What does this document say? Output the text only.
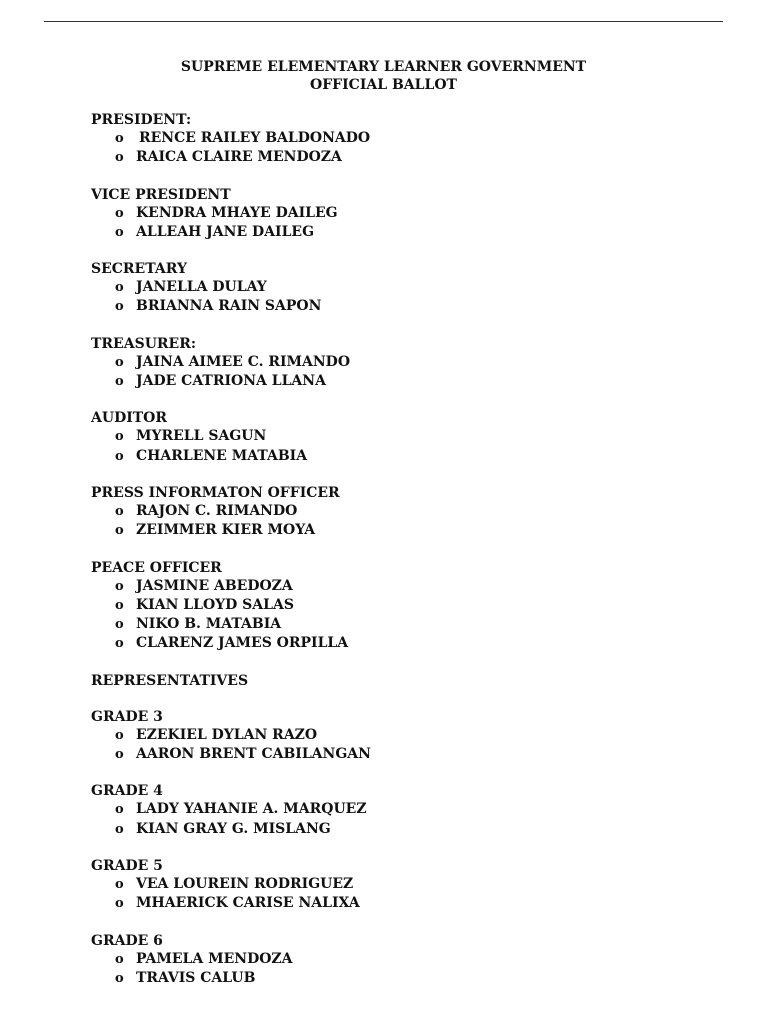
SUPREME ELEMENTARY LEARNER GOVERNMENT
OFFICIAL BALLOT
PRESIDENT:
o	RENCE RAILEY BALDONADO
o RAICA CLAIRE MENDOZA
VICE PRESIDENT
o KENDRA MHAYE DAILEG
o ALLEAH JANE DAILEG
SECRETARY
o JANELLA DULAY
o BRIANNA RAIN SAPON
TREASURER:
o JAINA AIMEE C. RIMANDO
o JADE CATRIONA LLANA
AUDITOR
o MYRELL SAGUN
o CHARLENE MATABIA
PRESS INFORMATON OFFICER
o RAJON C. RIMANDO
o ZEIMMER KIER MOYA
PEACE OFFICER
o JASMINE ABEDOZA
o KIAN LLOYD SALAS
o NIKO B. MATABIA
o CLARENZ JAMES ORPILLA
REPRESENTATIVES
GRADE 3
o EZEKIEL DYLAN RAZO
o AARON BRENT CABILANGAN
GRADE 4
o LADY YAHANIE A. MARQUEZ
o KIAN GRAY G. MISLANG
GRADE 5
o VEA LOUREIN RODRIGUEZ
o MHAERICK CARISE NALIXA
GRADE 6
o PAMELA MENDOZA
o TRAVIS CALUB
